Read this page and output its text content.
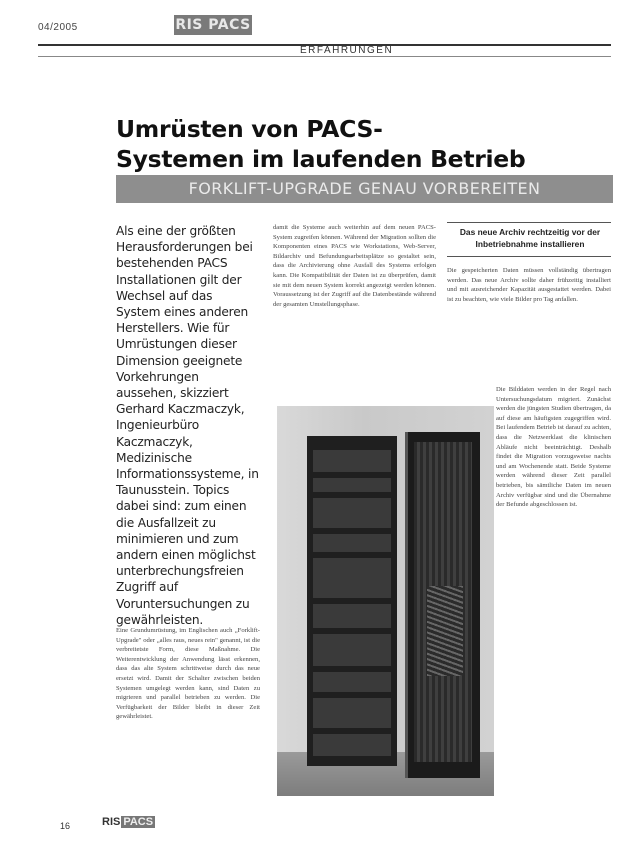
04/2005	RIS PACS
ERFAHRUNGEN
Umrüsten von PACS-
Systemen im laufenden Betrieb
FORKLIFT-UPGRADE GENAU VORBEREITEN
Als eine der größten Herausforderungen bei bestehenden PACS Installationen gilt der Wechsel auf das System eines anderen Herstellers. Wie für Umrüstungen dieser Dimension geeignete Vorkehrungen aussehen, skizziert Gerhard Kaczmaczyk, Ingenieurbüro Kaczmaczyk, Medizinische Informationssysteme, in Taunusstein. Topics dabei sind: zum einen die Ausfallzeit zu minimieren und zum andern einen möglichst unterbrechungsfreien Zugriff auf Voruntersuchungen zu gewährleisten.
Eine Grundumrüstung, im Englischen auch „Forklift-Upgrade" oder „alles raus, neues rein" genannt, ist die verbreitetste Form, diese Maßnahme. Die Weiterentwicklung der Anwendung lässt erkennen, dass das alte System schrittweise durch das neue ersetzt wird. Damit der Schalter zwischen beiden Systemen umgelegt werden kann, sind Daten zu migrieren und parallel betrieben zu werden. Die Verfügbarkeit der Bilder bleibt in dieser Zeit gewährleistet.
damit die Systeme auch weiterhin auf dem neuen PACS-System zugreifen können. Während der Migration sollten die Komponenten eines PACS wie Workstations, Web-Server, Bildarchiv und Befundungsarbeitsplätze so gestaltet sein, dass die Archivierung ohne Ausfall des Systems erfolgen kann. Die Kompatibilität der Daten ist zu überprüfen, damit sie mit dem neuen System korrekt angezeigt werden können. Voraussetzung ist der Zugriff auf die Datenbestände während der gesamten Umstellungsphase.
Das neue Archiv rechtzeitig vor der Inbetriebnahme installieren
Die gespeicherten Daten müssen vollständig übertragen werden. Das neue Archiv sollte daher frühzeitig installiert und mit ausreichender Kapazität ausgestattet werden. Dabei ist zu beachten, wie viele Bilder pro Tag anfallen.
Die Bilddaten werden in der Regel nach Untersuchungsdatum migriert. Zunächst werden die jüngsten Studien übertragen, da auf diese am häufigsten zugegriffen wird. Bei laufendem Betrieb ist darauf zu achten, dass die Netzwerklast die klinischen Abläufe nicht beeinträchtigt. Deshalb findet die Migration vorzugsweise nachts und am Wochenende statt. Beide Systeme werden während dieser Zeit parallel betrieben, bis sämtliche Daten im neuen Archiv verfügbar sind und die Übernahme der Befunde abgeschlossen ist.
16	RIS PACS
